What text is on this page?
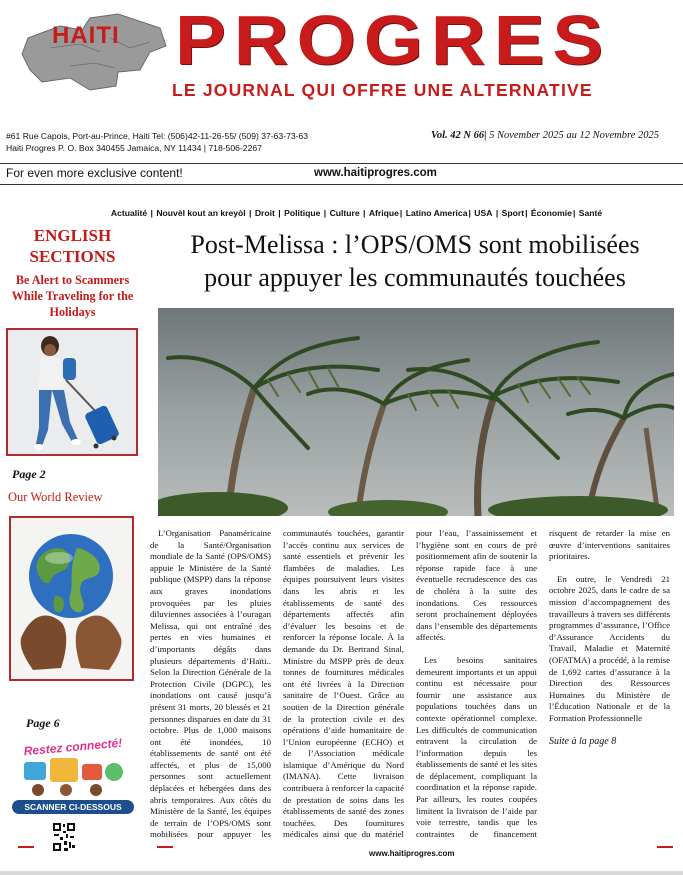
HAITI PROGRES
LE JOURNAL QUI OFFRE UNE ALTERNATIVE
#61 Rue Capois, Port-au-Prince, Haiti Tel: (506)42-11-26-55/ (509) 37-63-73-63
Haiti Progres P. O. Box 340455 Jamaica, NY 11434 | 718-506-2267
Vol. 42 N 66| 5 November 2025 au 12 Novembre 2025
For even more exclusive content!	www.haitiprogres.com
Actualité | Nouvèl kout an kreyòl | Droit | Politique | Culture | Afrique| Latino America| USA | Sport| Économie| Santé
ENGLISH
SECTIONS
Be Alert to Scammers While Traveling for the Holidays
Page 2
Our World Review
Page 6
Restez connecté!
SCANNER CI-DESSOUS
Post-Melissa : l’OPS/OMS sont mobilisées
pour appuyer les communautés touchées

L’Organisation Panaméricaine de la Santé/Organisation mondiale de la Santé (OPS/OMS) appuie le Ministère de la Santé publique (MSPP) dans la réponse aux graves inondations provoquées par les pluies diluviennes associées à l’ouragan Melissa, qui ont entraîné des pertes en vies humaines et d’importants dégâts dans plusieurs départements d’Haïti.. Selon la Direction Générale de la Protection Civile (DGPC), les inondations ont causé jusqu’à présent 31 morts, 20 blessés et 21 personnes disparues en date du 31 octobre. Plus de 1,000 maisons ont été inondées, 10 établissements de santé ont été affectés, et plus de 15,000 personnes sont actuellement déplacées et hébergées dans des abris temporaires. Aux côtés du Ministère de la Santé, les équipes de terrain de l’OPS/OMS sont mobilisées pour appuyer les communautés touchées, garantir l’accès continu aux services de santé essentiels et prévenir les flambées de maladies. Les équipes poursuivent leurs visites dans les abris et les établissements de santé des départements affectés afin d’évaluer les besoins et de renforcer la réponse locale. À la demande du Dr. Bertrand Sinal, Ministre du MSPP près de deux tonnes de fournitures médicales ont été livrées à la Direction sanitaire de l’Ouest. Grâce au soutien de la Direction générale de la protection civile et des opérations d’aide humanitaire de l’Union européenne (ECHO) et de l’Association médicale islamique d’Amérique du Nord (IMANA). Cette livraison contribuera à renforcer la capacité de prestation de soins dans les établissements de santé des zones touchées. Des fournitures médicales ainsi que du matériel pour l’eau, l’assainissement et l’hygiène sont en cours de pré positionnement afin de soutenir la réponse rapide face à une éventuelle recrudescence des cas de choléra à la suite des inondations. Ces ressources seront prochainement déployées dans l’ensemble des départements affectés.

Les besoins sanitaires demeurent importants et un appui continu est nécessaire pour fournir une assistance aux populations touchées dans un contexte opérationnel complexe. Les difficultés de communication entravent la circulation de l’information depuis les établissements de santé et les sites de déplacement, compliquant la coordination et la réponse rapide. Par ailleurs, les routes coupées limitent la livraison de l’aide par voie terrestre, tandis que les contraintes de financement risquent de retarder la mise en œuvre d’interventions sanitaires prioritaires.

En outre, le Vendredi 21 octobre 2025, dans le cadre de sa mission d’accompagnement des travailleurs à travers ses différents programmes d’assurance, l’Office d’Assurance Accidents du Travail, Maladie et Maternité (OFATMA) a procédé, à la remise de 1,692 cartes d’assurance à la Direction des Ressources Humaines du Ministère de l’Éducation Nationale et de la Formation Professionnelle

Suite à la page 8

www.haitiprogres.com
